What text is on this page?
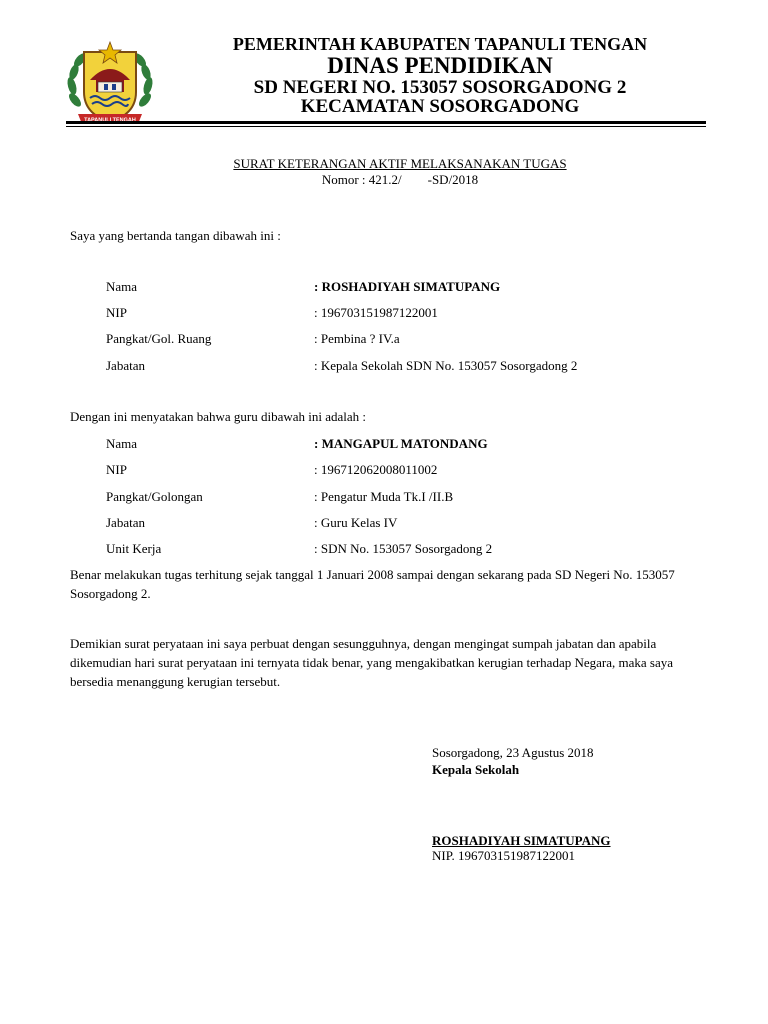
TAPANULI TENGAH
PEMERINTAH KABUPATEN TAPANULI TENGAN
DINAS PENDIDIKAN
SD NEGERI NO. 153057 SOSORGADONG 2
KECAMATAN SOSORGADONG
SURAT KETERANGAN AKTIF MELAKSANAKAN TUGAS
Nomor : 421.2/        -SD/2018
Saya yang bertanda tangan dibawah ini :
Nama	: ROSHADIYAH SIMATUPANG
NIP	: 196703151987122001
Pangkat/Gol. Ruang	: Pembina ? IV.a
Jabatan	: Kepala Sekolah SDN No. 153057 Sosorgadong 2
Dengan ini menyatakan bahwa guru dibawah ini adalah :
Nama	: MANGAPUL MATONDANG
NIP	: 196712062008011002
Pangkat/Golongan	: Pengatur Muda Tk.I /II.B
Jabatan	: Guru Kelas IV
Unit Kerja	: SDN No. 153057 Sosorgadong 2
Benar melakukan tugas terhitung sejak tanggal 1 Januari 2008 sampai dengan sekarang pada SD Negeri No. 153057 Sosorgadong 2.
Demikian surat peryataan ini saya perbuat dengan sesungguhnya, dengan mengingat sumpah jabatan dan apabila dikemudian hari surat peryataan ini ternyata tidak benar, yang mengakibatkan kerugian terhadap Negara, maka saya bersedia menanggung kerugian tersebut.
Sosorgadong, 23 Agustus 2018
Kepala Sekolah
ROSHADIYAH SIMATUPANG
NIP. 196703151987122001
